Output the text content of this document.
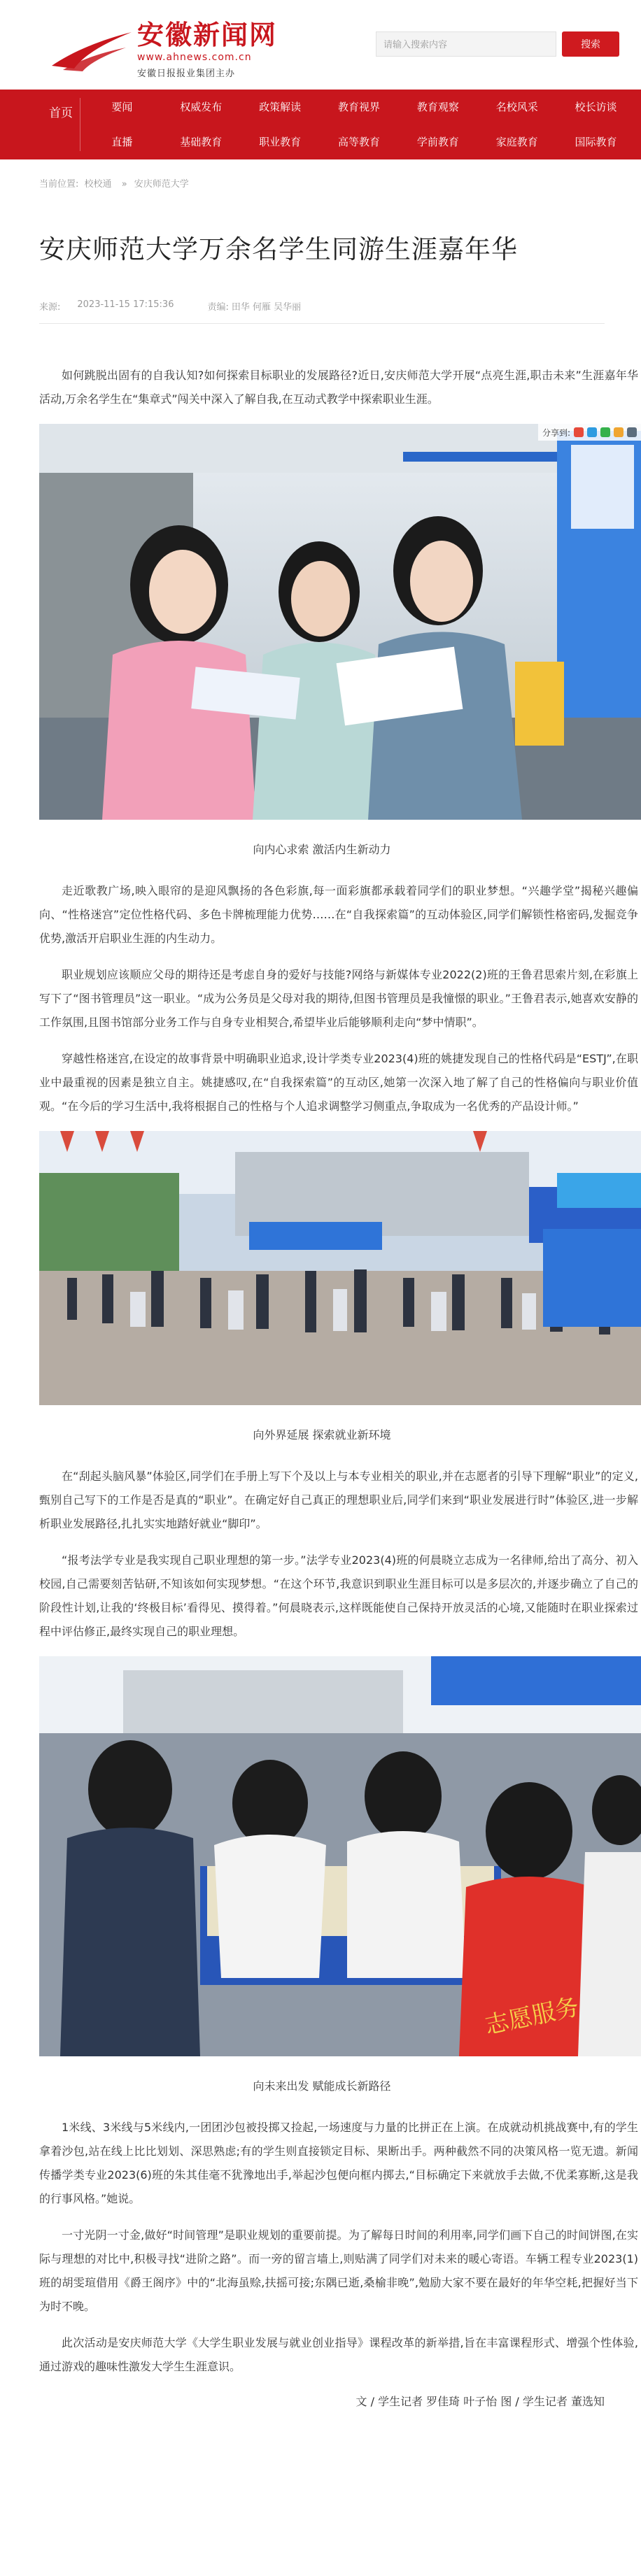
安徽新闻网
www.ahnews.com.cn
安徽日报报业集团主办
请输入搜索内容
搜索
首页	要闻	权威发布	政策解读	教育视界	教育观察	名校风采	校长访谈
直播	基础教育	职业教育	高等教育	学前教育	家庭教育	国际教育
当前位置: 校校通 » 安庆师范大学
安庆师范大学万余名学生同游生涯嘉年华
来源: 2023-11-15 17:15:36	责编: 田华 何雁 吴华丽

如何跳脱出固有的自我认知?如何探索目标职业的发展路径?近日,安庆师范大学开展“点亮生涯,职击未来”生涯嘉年华活动,万余名学生在“集章式”闯关中深入了解自我,在互动式教学中探索职业生涯。

分享到:

向内心求索 激活内生新动力

走近歌教广场,映入眼帘的是迎风飘扬的各色彩旗,每一面彩旗都承载着同学们的职业梦想。“兴趣学堂”揭秘兴趣偏向、“性格迷宫”定位性格代码、多色卡牌梳理能力优势……在“自我探索篇”的互动体验区,同学们解锁性格密码,发掘竞争优势,激活开启职业生涯的内生动力。

职业规划应该顺应父母的期待还是考虑自身的爱好与技能?网络与新媒体专业2022(2)班的王鲁君思索片刻,在彩旗上写下了“图书管理员”这一职业。“成为公务员是父母对我的期待,但图书管理员是我憧憬的职业。”王鲁君表示,她喜欢安静的工作氛围,且图书馆部分业务工作与自身专业相契合,希望毕业后能够顺利走向“梦中情职”。

穿越性格迷宫,在设定的故事背景中明确职业追求,设计学类专业2023(4)班的姚捷发现自己的性格代码是“ESTJ”,在职业中最重视的因素是独立自主。姚捷感叹,在“自我探索篇”的互动区,她第一次深入地了解了自己的性格偏向与职业价值观。“在今后的学习生活中,我将根据自己的性格与个人追求调整学习侧重点,争取成为一名优秀的产品设计师。”

向外界延展 探索就业新环境

在“刮起头脑风暴”体验区,同学们在手册上写下个及以上与本专业相关的职业,并在志愿者的引导下理解“职业”的定义,甄别自己写下的工作是否是真的“职业”。在确定好自己真正的理想职业后,同学们来到“职业发展进行时”体验区,进一步解析职业发展路径,扎扎实实地踏好就业“脚印”。

“报考法学专业是我实现自己职业理想的第一步。”法学专业2023(4)班的何晨晓立志成为一名律师,给出了高分、初入校园,自己需要刻苦钻研,不知该如何实现梦想。“在这个环节,我意识到职业生涯目标可以是多层次的,并逐步确立了自己的阶段性计划,让我的‘终极目标’看得见、摸得着。”何晨晓表示,这样既能使自己保持开放灵活的心境,又能随时在职业探索过程中评估修正,最终实现自己的职业理想。

志愿服务

向未来出发 赋能成长新路径

1米线、3米线与5米线内,一团团沙包被投掷又捡起,一场速度与力量的比拼正在上演。在成就动机挑战赛中,有的学生拿着沙包,站在线上比比划划、深思熟虑;有的学生则直接锁定目标、果断出手。两种截然不同的决策风格一览无遗。新闻传播学类专业2023(6)班的朱其佳毫不犹豫地出手,举起沙包便向框内掷去,“目标确定下来就放手去做,不优柔寡断,这是我的行事风格。”她说。

一寸光阴一寸金,做好“时间管理”是职业规划的重要前提。为了解每日时间的利用率,同学们画下自己的时间饼图,在实际与理想的对比中,积极寻找“进阶之路”。而一旁的留言墙上,则贴满了同学们对未来的暖心寄语。车辆工程专业2023(1)班的胡雯瑄借用《爵王阁序》中的“北海虽赊,扶摇可接;东隅已逝,桑榆非晚”,勉励大家不要在最好的年华空耗,把握好当下为时不晚。

此次活动是安庆师范大学《大学生职业发展与就业创业指导》课程改革的新举措,旨在丰富课程形式、增强个性体验,通过游戏的趣味性激发大学生生涯意识。

文 / 学生记者 罗佳琦 叶子怡 图 / 学生记者 董选知
